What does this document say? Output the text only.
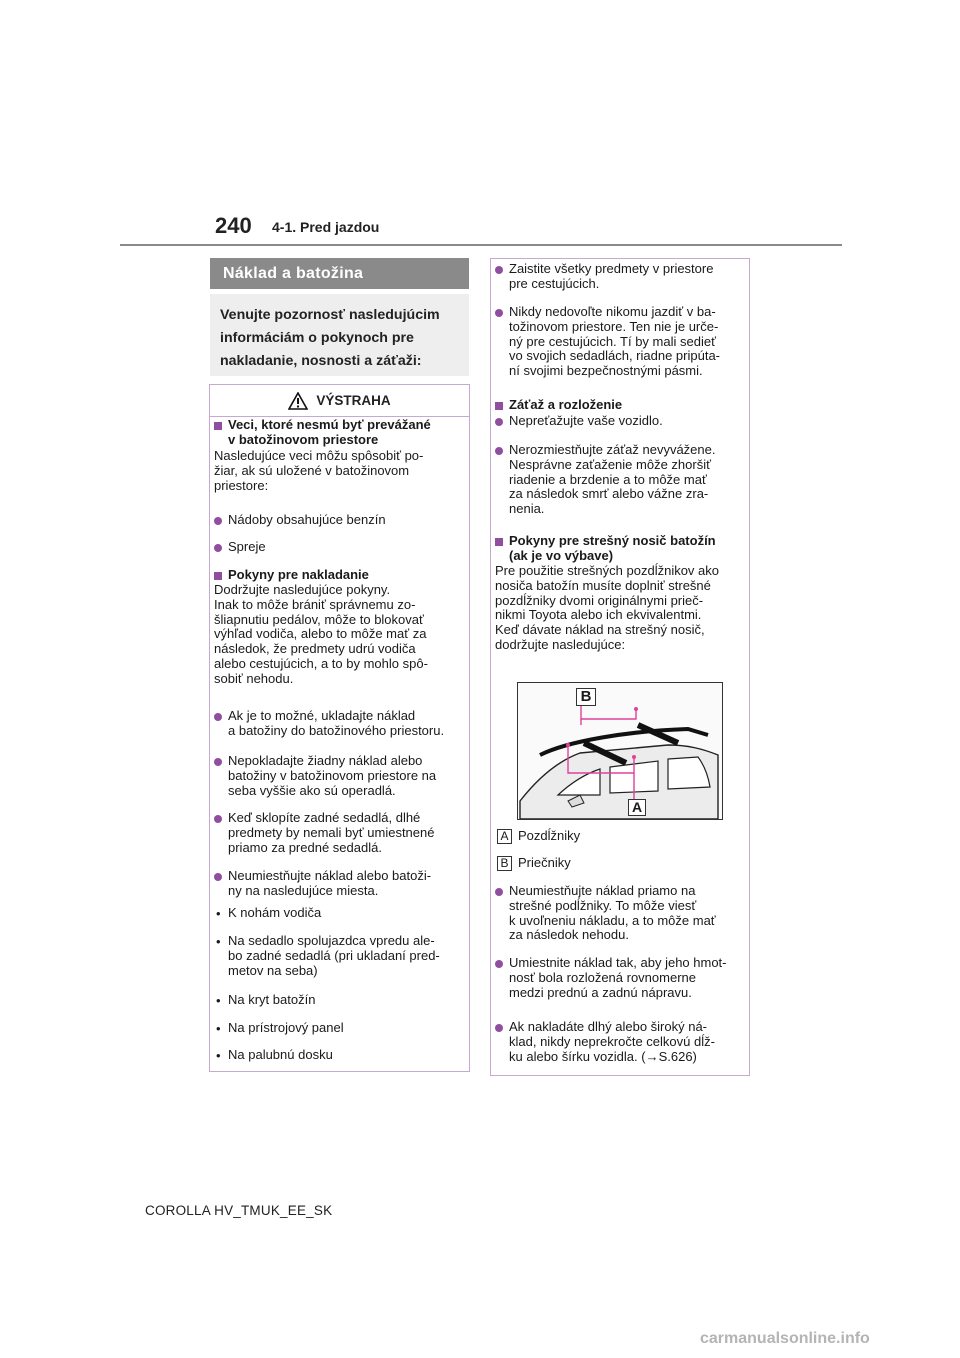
240 4-1. Pred jazdou
Náklad a batožina
Venujte pozornosť nasledujúcim
informáciám o pokynoch pre
nakladanie, nosnosti a záťaži:
VÝSTRAHA
Veci, ktoré nesmú byť prevážané
v batožinovom priestore
Nasledujúce veci môžu spôsobiť po-
žiar, ak sú uložené v batožinovom
priestore:
Nádoby obsahujúce benzín
Spreje
Pokyny pre nakladanie
Dodržujte nasledujúce pokyny.
Inak to môže brániť správnemu zo-
šliapnutiu pedálov, môže to blokovať
výhľad vodiča, alebo to môže mať za
následok, že predmety udrú vodiča
alebo cestujúcich, a to by mohlo spô-
sobiť nehodu.
Ak je to možné, ukladajte náklad
a batožiny do batožinového priestoru.
Nepokladajte žiadny náklad alebo
batožiny v batožinovom priestore na
seba vyššie ako sú operadlá.
Keď sklopíte zadné sedadlá, dlhé
predmety by nemali byť umiestnené
priamo za predné sedadlá.
Neumiestňujte náklad alebo batoži-
ny na nasledujúce miesta.
• K nohám vodiča
• Na sedadlo spolujazdca vpredu ale-
bo zadné sedadlá (pri ukladaní pred-
metov na seba)
• Na kryt batožín
• Na prístrojový panel
• Na palubnú dosku
Zaistite všetky predmety v priestore
pre cestujúcich.
Nikdy nedovoľte nikomu jazdiť v ba-
tožinovom priestore. Ten nie je urče-
ný pre cestujúcich. Tí by mali sedieť
vo svojich sedadlách, riadne pripúta-
ní svojimi bezpečnostnými pásmi.
Záťaž a rozloženie
Nepreťažujte vaše vozidlo.
Nerozmiestňujte záťaž nevyvážene.
Nesprávne zaťaženie môže zhoršiť
riadenie a brzdenie a to môže mať
za následok smrť alebo vážne zra-
nenia.
Pokyny pre strešný nosič batožín
(ak je vo výbave)
Pre použitie strešných pozdĺžnikov ako
nosiča batožín musíte doplniť strešné
pozdĺžniky dvomi originálnymi prieč-
nikmi Toyota alebo ich ekvivalentmi.
Keď dávate náklad na strešný nosič,
dodržujte nasledujúce:
B
A
A Pozdĺžniky
B Priečniky
Neumiestňujte náklad priamo na
strešné podĺžniky. To môže viesť
k uvoľneniu nákladu, a to môže mať
za následok nehodu.
Umiestnite náklad tak, aby jeho hmot-
nosť bola rozložená rovnomerne
medzi prednú a zadnú nápravu.
Ak nakladáte dlhý alebo široký ná-
klad, nikdy neprekročte celkovú dĺž-
ku alebo šírku vozidla. (→S.626)
COROLLA HV_TMUK_EE_SK
carmanualsonline.info
